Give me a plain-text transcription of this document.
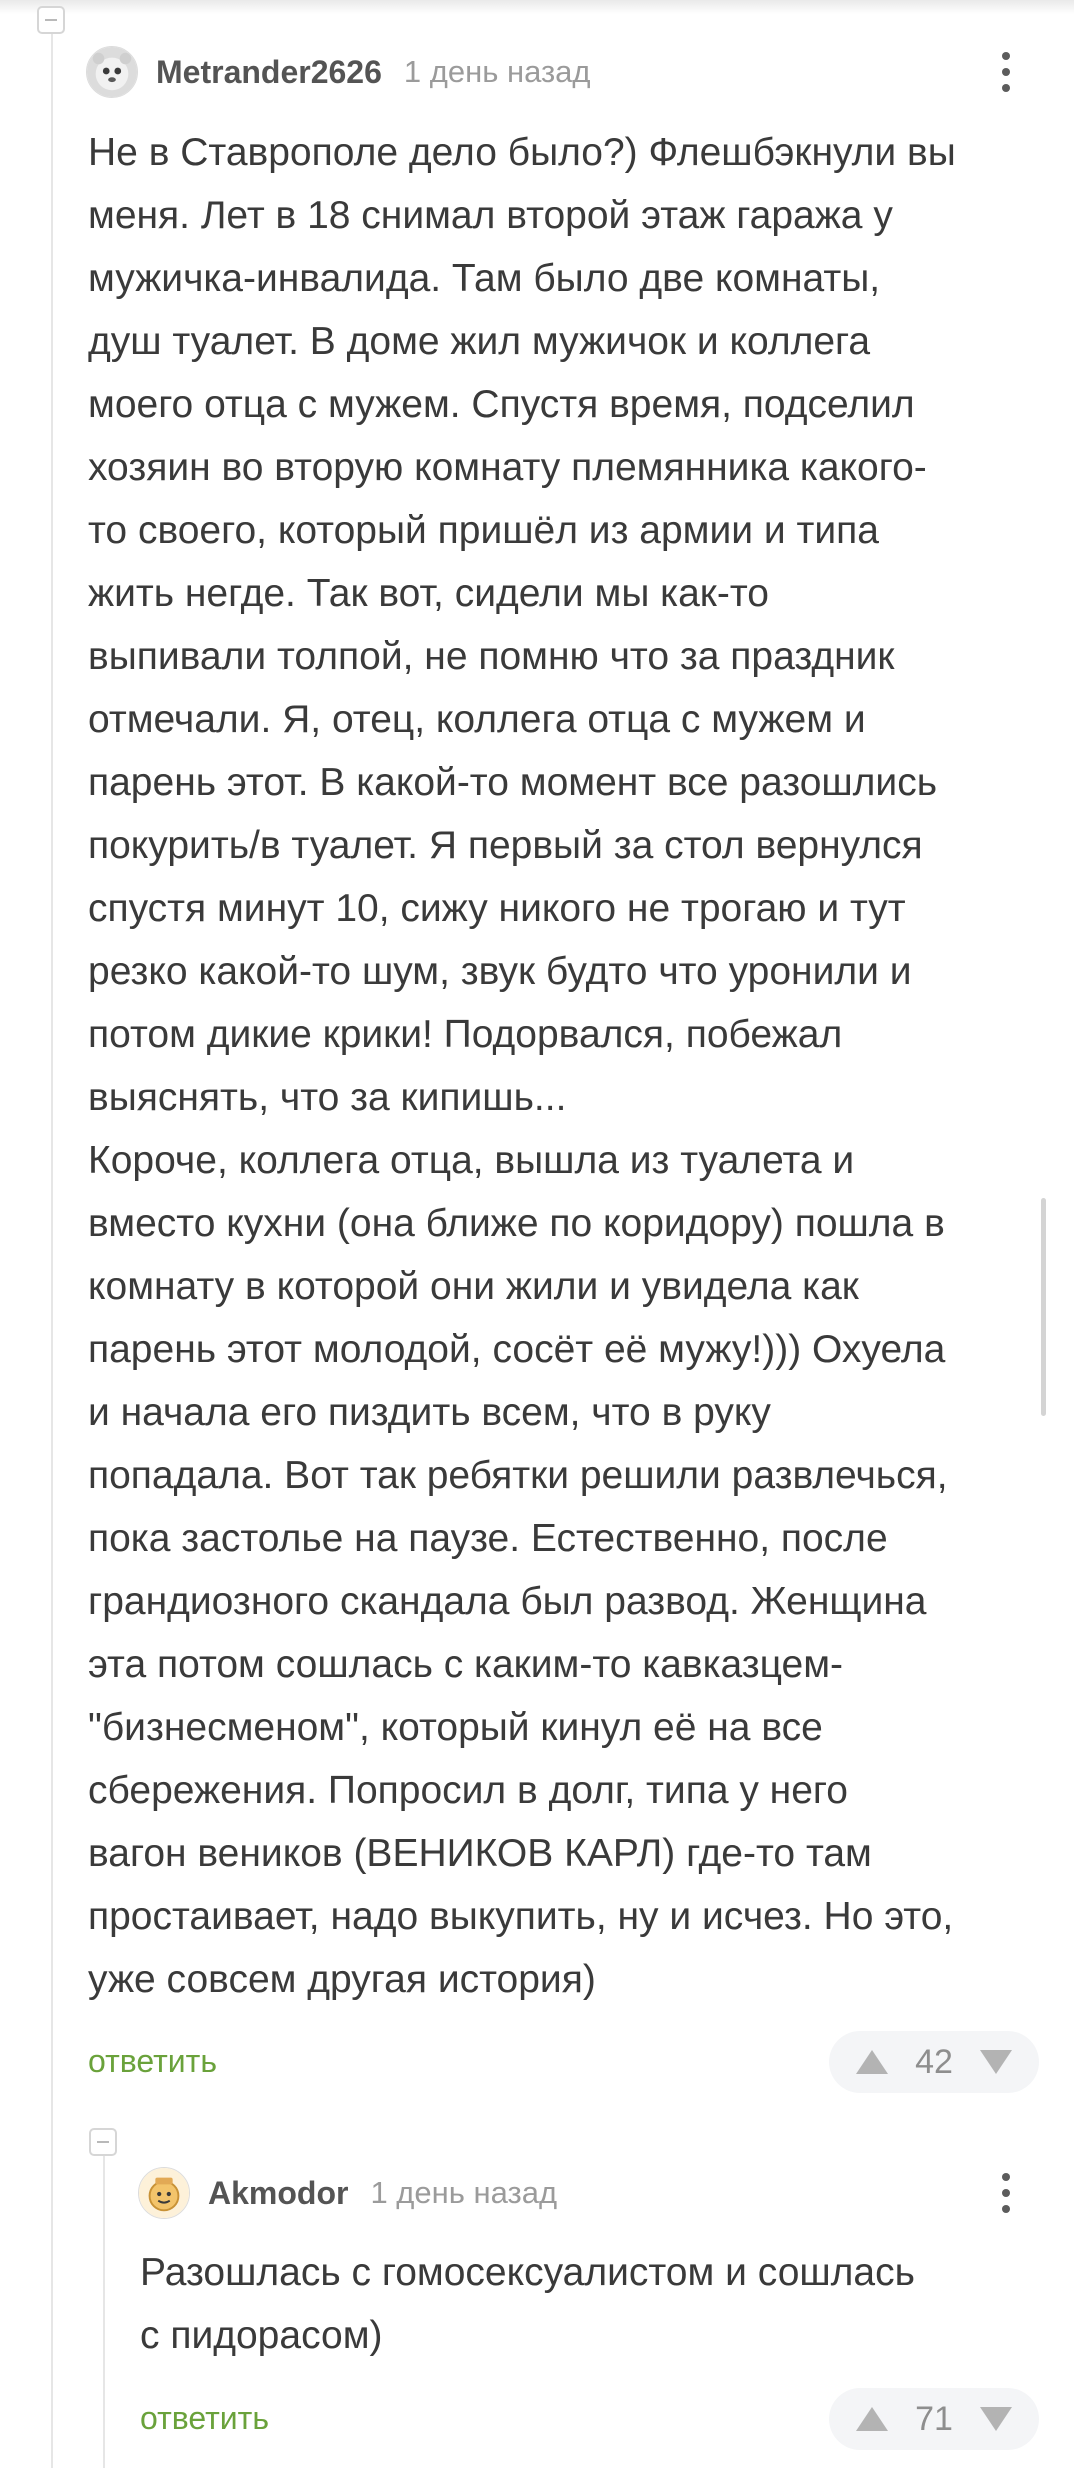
Metrander2626 1 день назад

Не в Ставрополе дело было?) Флешбэкнули вы
меня. Лет в 18 снимал второй этаж гаража у
мужичка-инвалида. Там было две комнаты,
душ туалет. В доме жил мужичок и коллега
моего отца с мужем. Спустя время, подселил
хозяин во вторую комнату племянника какого-
то своего, который пришёл из армии и типа
жить негде. Так вот, сидели мы как-то
выпивали толпой, не помню что за праздник
отмечали. Я, отец, коллега отца с мужем и
парень этот. В какой-то момент все разошлись
покурить/в туалет. Я первый за стол вернулся
спустя минут 10, сижу никого не трогаю и тут
резко какой-то шум, звук будто что уронили и
потом дикие крики! Подорвался, побежал
выяснять, что за кипишь...
Короче, коллега отца, вышла из туалета и
вместо кухни (она ближе по коридору) пошла в
комнату в которой они жили и увидела как
парень этот молодой, сосёт её мужу!))) Охуела
и начала его пиздить всем, что в руку
попадала. Вот так ребятки решили развлечься,
пока застолье на паузе. Естественно, после
грандиозного скандала был развод. Женщина
эта потом сошлась с каким-то кавказцем-
"бизнесменом", который кинул её на все
сбережения. Попросил в долг, типа у него
вагон веников (ВЕНИКОВ КАРЛ) где-то там
простаивает, надо выкупить, ну и исчез. Но это,
уже совсем другая история)

ответить	42
Akmodor 1 день назад

Разошлась с гомосексуалистом и сошлась
с пидорасом)

ответить	71
